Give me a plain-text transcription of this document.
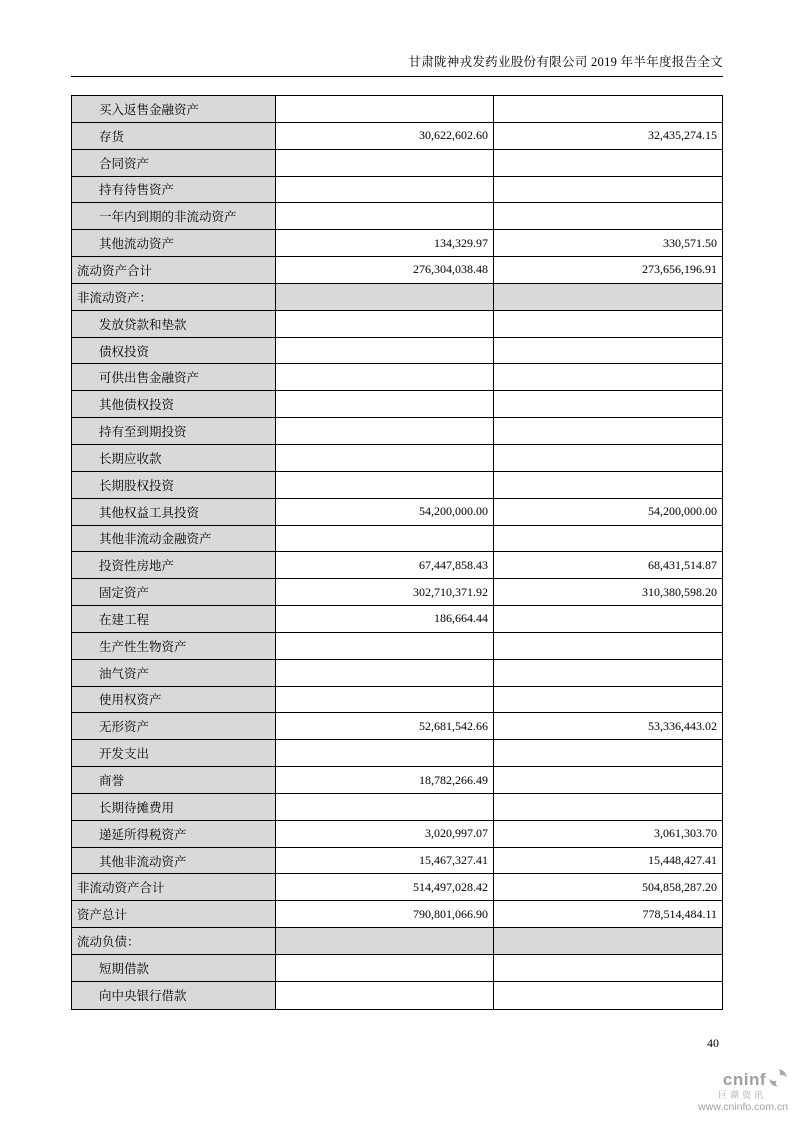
甘肃陇神戎发药业股份有限公司 2019 年半年度报告全文
买入返售金融资产
存货	30,622,602.60	32,435,274.15
合同资产
持有待售资产
一年内到期的非流动资产
其他流动资产	134,329.97	330,571.50
流动资产合计	276,304,038.48	273,656,196.91
非流动资产：
发放贷款和垫款
债权投资
可供出售金融资产
其他债权投资
持有至到期投资
长期应收款
长期股权投资
其他权益工具投资	54,200,000.00	54,200,000.00
其他非流动金融资产
投资性房地产	67,447,858.43	68,431,514.87
固定资产	302,710,371.92	310,380,598.20
在建工程	186,664.44
生产性生物资产
油气资产
使用权资产
无形资产	52,681,542.66	53,336,443.02
开发支出
商誉	18,782,266.49
长期待摊费用
递延所得税资产	3,020,997.07	3,061,303.70
其他非流动资产	15,467,327.41	15,448,427.41
非流动资产合计	514,497,028.42	504,858,287.20
资产总计	790,801,066.90	778,514,484.11
流动负债：
短期借款
向中央银行借款
40
cninf
巨潮资讯
www.cninfo.com.cn
